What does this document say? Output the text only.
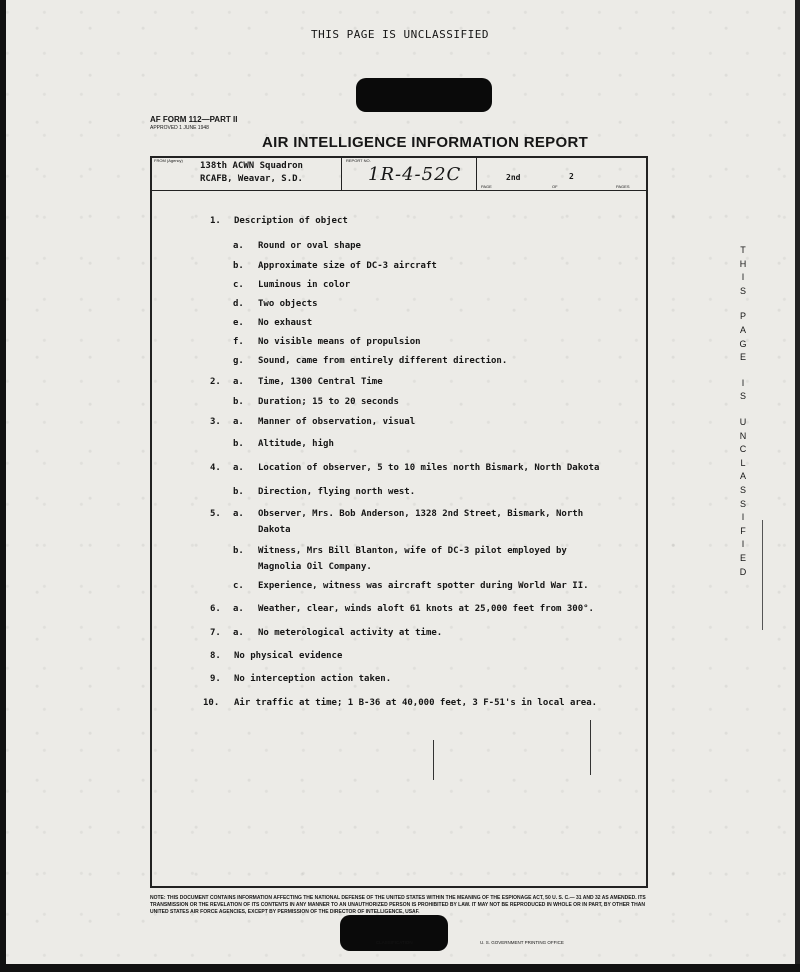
THIS PAGE IS UNCLASSIFIED
AF FORM 112—PART II
APPROVED 1 JUNE 1948
AIR INTELLIGENCE INFORMATION REPORT
FROM (Agency)
138th ACWN Squadron
RCAFB, Weavar, S.D.
REPORT NO.
1R-4-52C	2nd	2
PAGE	OF	PAGES
1. Description of object
a. Round or oval shape
b. Approximate size of DC-3 aircraft
c. Luminous in color
d. Two objects
e. No exhaust
f. No visible means of propulsion
g. Sound, came from entirely different direction.
2. a. Time, 1300 Central Time
b. Duration; 15 to 20 seconds
3. a. Manner of observation, visual
b. Altitude, high
4. a. Location of observer, 5 to 10 miles north Bismark, North Dakota
b. Direction, flying north west.
5. a. Observer, Mrs. Bob Anderson, 1328 2nd Street, Bismark, North
Dakota
b. Witness, Mrs Bill Blanton, wife of DC-3 pilot employed by
Magnolia Oil Company.
c. Experience, witness was aircraft spotter during World War II.
6. a. Weather, clear, winds aloft 61 knots at 25,000 feet from 300°.
7. a. No meterological activity at time.
8. No physical evidence
9. No interception action taken.
10. Air traffic at time; 1 B-36 at 40,000 feet, 3 F-51's in local area.
T
H
I
S
P
A
G
E
I
S
U
N
C
L
A
S
S
I
F
I
E
D
NOTE: THIS DOCUMENT CONTAINS INFORMATION AFFECTING THE NATIONAL DEFENSE OF THE UNITED STATES WITHIN THE MEANING OF THE ESPIONAGE ACT, 50 U. S. C.— 31 AND 32 AS AMENDED. ITS TRANSMISSION OR THE REVELATION OF ITS CONTENTS IN ANY MANNER TO AN UNAUTHORIZED PERSON IS PROHIBITED BY LAW. IT MAY NOT BE REPRODUCED IN WHOLE OR IN PART, BY OTHER THAN UNITED STATES AIR FORCE AGENCIES, EXCEPT BY PERMISSION OF THE DIRECTOR OF INTELLIGENCE, USAF.
CLASSIFICATION	U. S. GOVERNMENT PRINTING OFFICE
